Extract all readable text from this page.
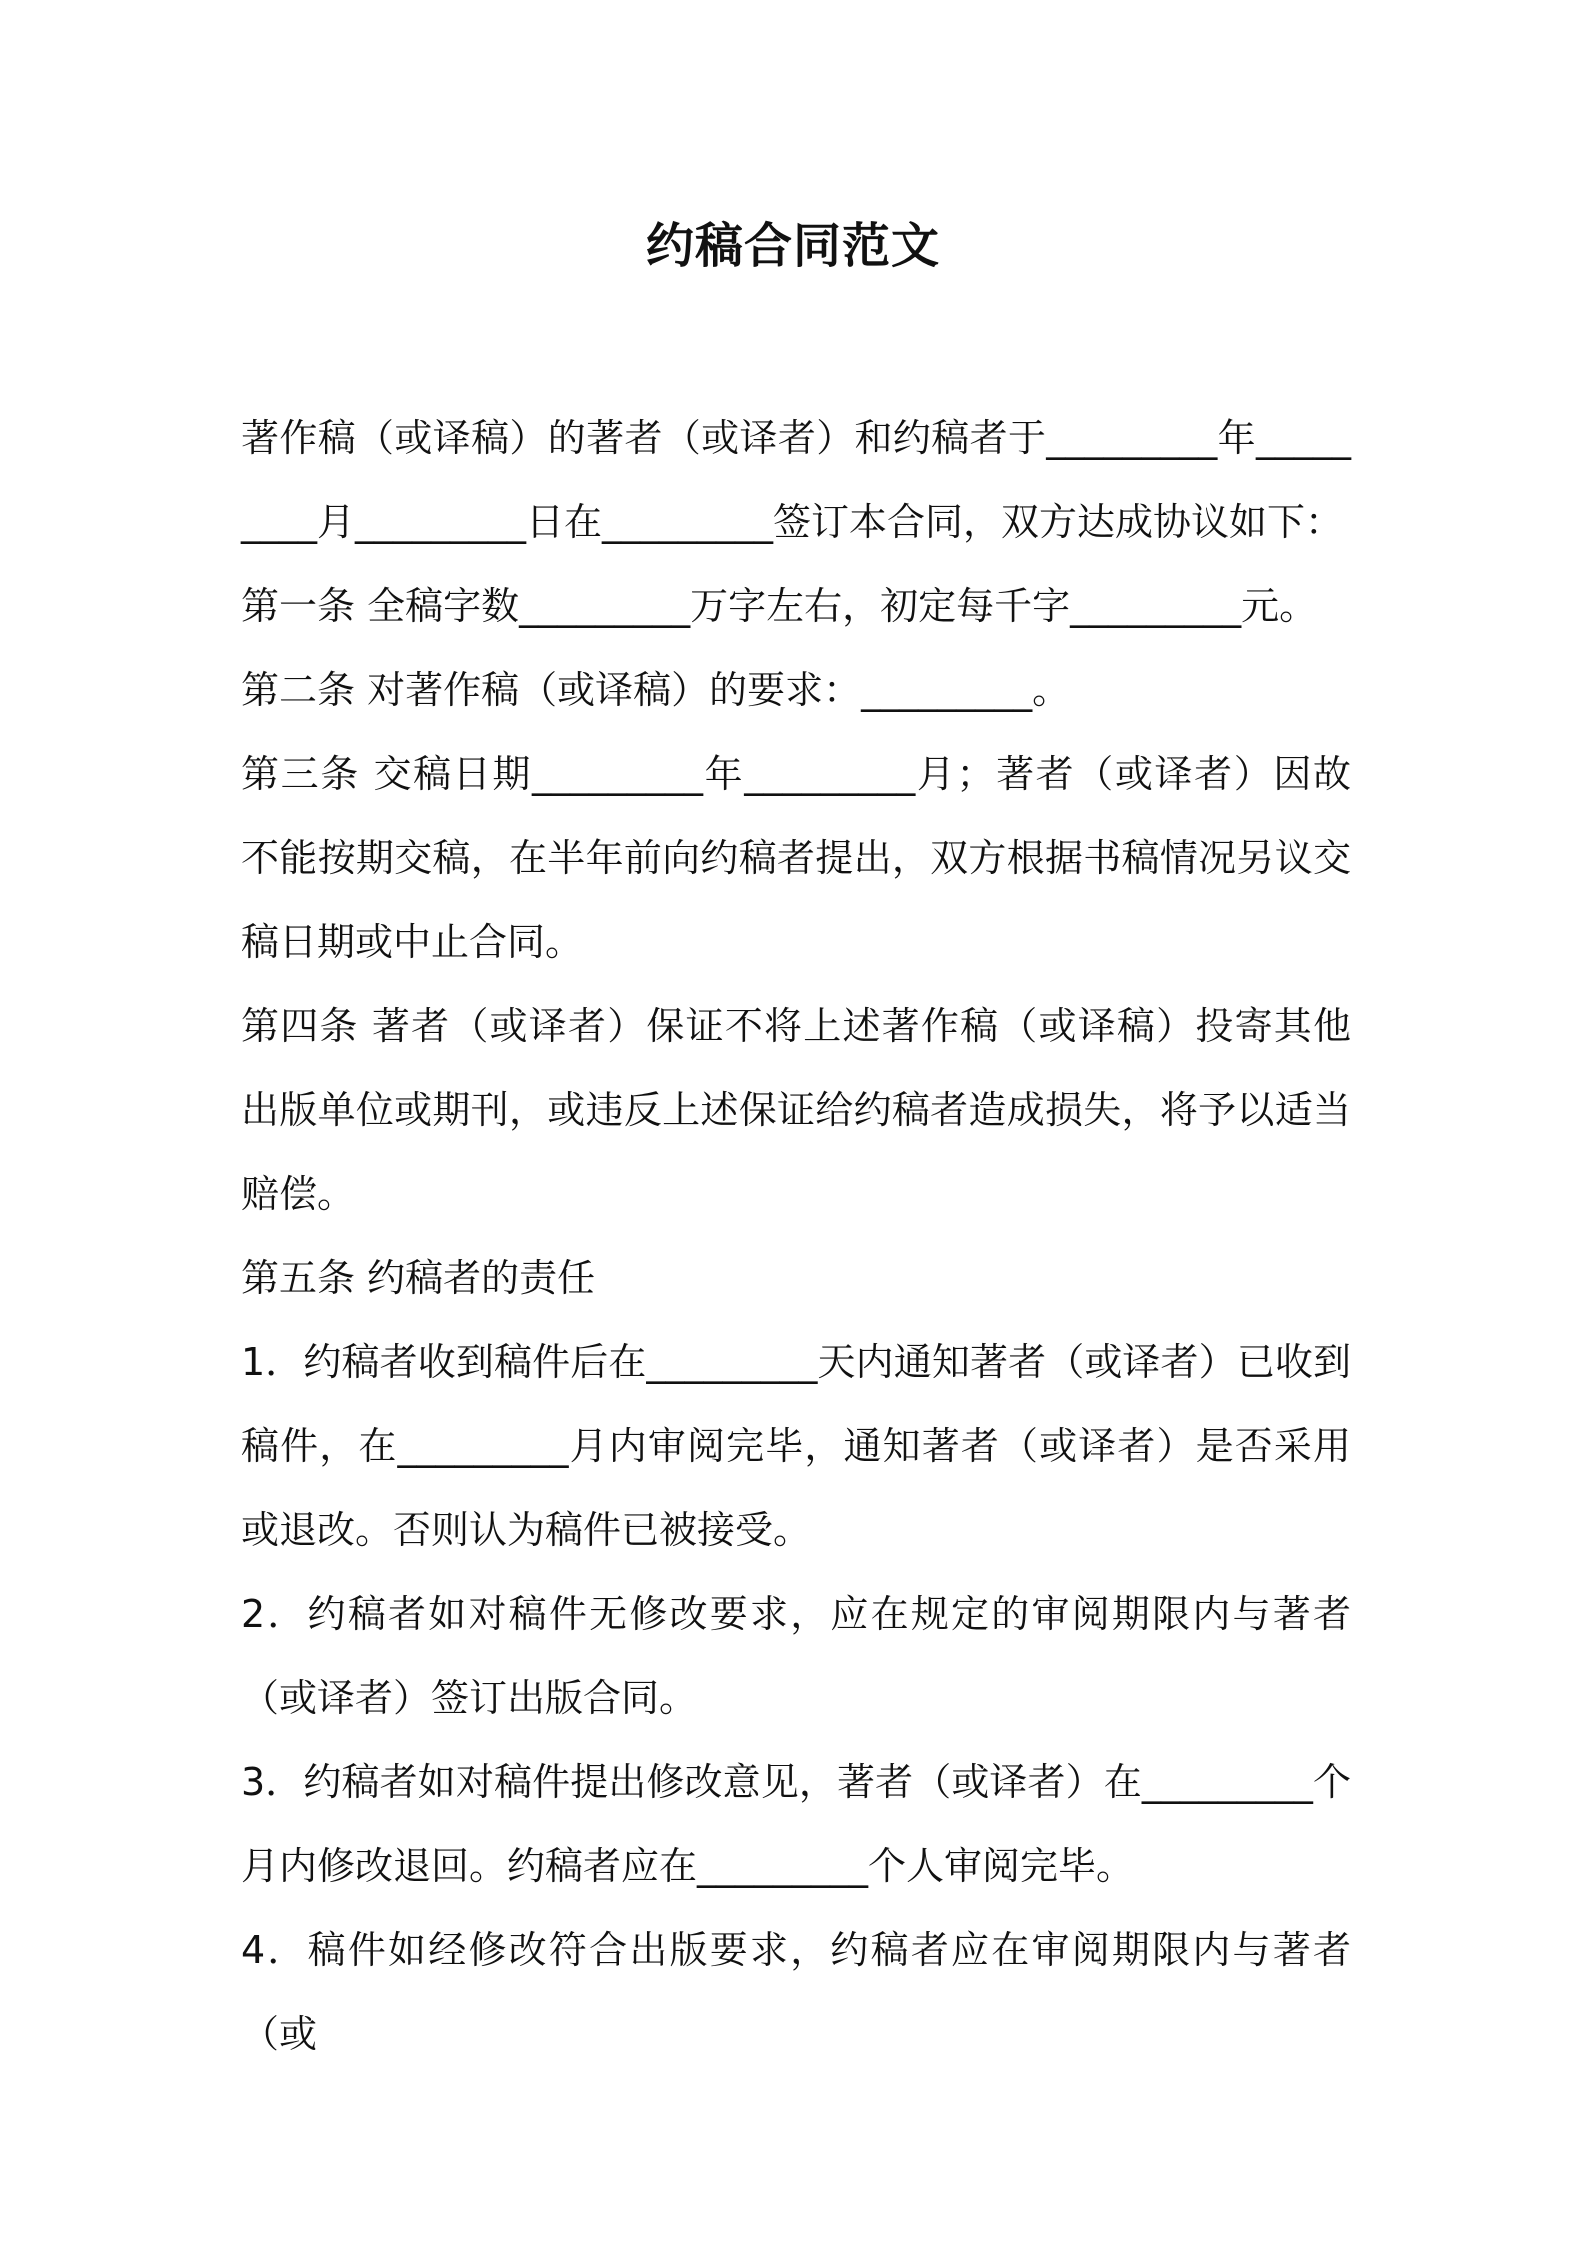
约稿合同范文

著作稿（或译稿）的著者（或译者）和约稿者于_________年_________月_________日在_________签订本合同，双方达成协议如下：

第一条 全稿字数_________万字左右，初定每千字_________元。

第二条 对著作稿（或译稿）的要求：_________。

第三条 交稿日期_________年_________月；著者（或译者）因故不能按期交稿，在半年前向约稿者提出，双方根据书稿情况另议交稿日期或中止合同。

第四条 著者（或译者）保证不将上述著作稿（或译稿）投寄其他出版单位或期刊，或违反上述保证给约稿者造成损失，将予以适当赔偿。

第五条 约稿者的责任

1．约稿者收到稿件后在_________天内通知著者（或译者）已收到稿件，在_________月内审阅完毕，通知著者（或译者）是否采用或退改。否则认为稿件已被接受。

2．约稿者如对稿件无修改要求，应在规定的审阅期限内与著者（或译者）签订出版合同。

3．约稿者如对稿件提出修改意见，著者（或译者）在_________个月内修改退回。约稿者应在_________个人审阅完毕。

4．稿件如经修改符合出版要求，约稿者应在审阅期限内与著者（或
